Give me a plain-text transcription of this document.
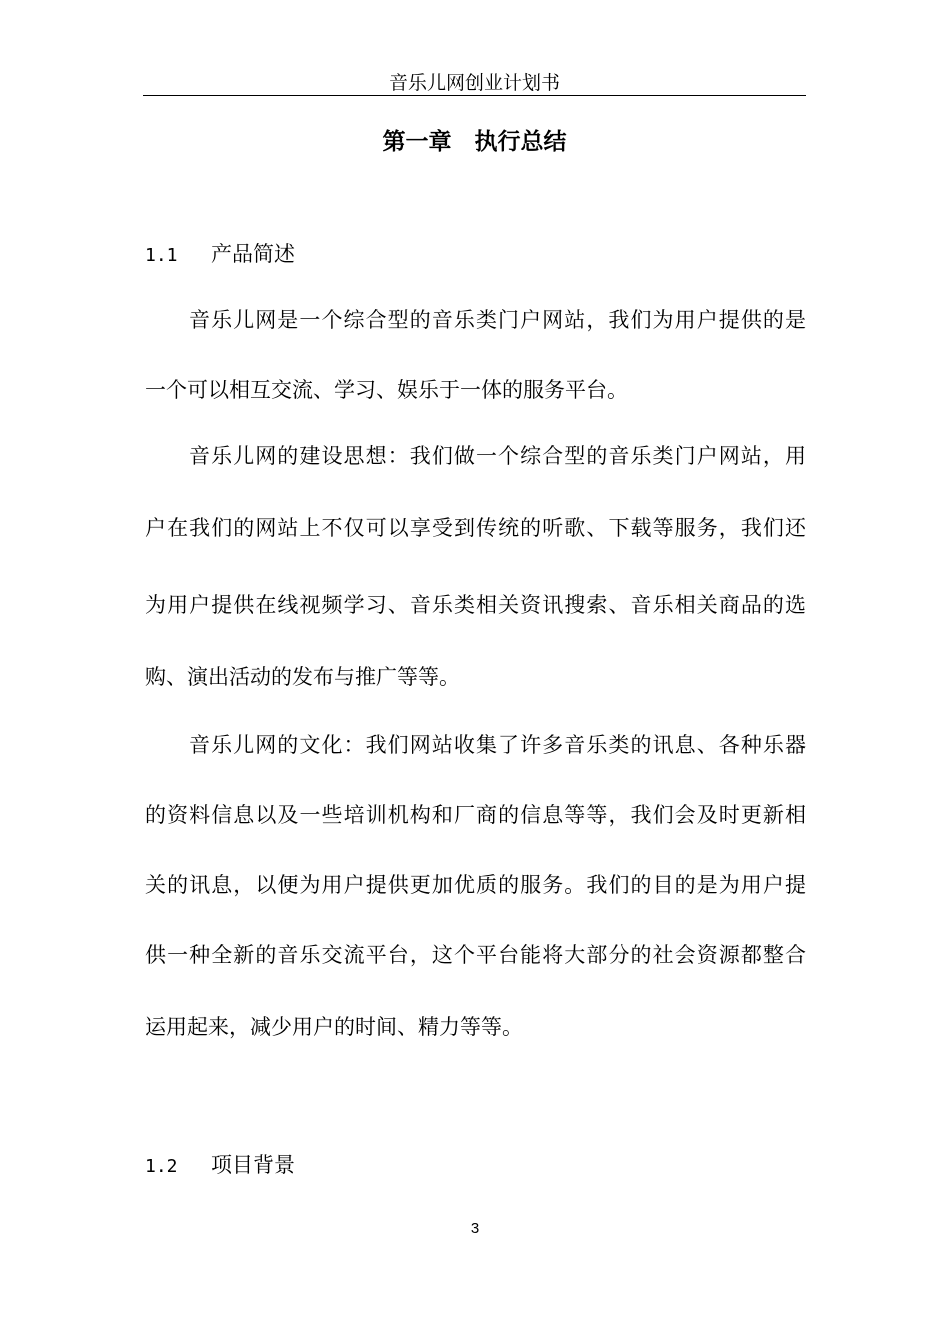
音乐儿网创业计划书
第一章　执行总结
1.1 产品简述
音乐儿网是一个综合型的音乐类门户网站，我们为用户提供的是
一个可以相互交流、学习、娱乐于一体的服务平台。
音乐儿网的建设思想：我们做一个综合型的音乐类门户网站，用
户在我们的网站上不仅可以享受到传统的听歌、下载等服务，我们还
为用户提供在线视频学习、音乐类相关资讯搜索、音乐相关商品的选
购、演出活动的发布与推广等等。
音乐儿网的文化：我们网站收集了许多音乐类的讯息、各种乐器
的资料信息以及一些培训机构和厂商的信息等等，我们会及时更新相
关的讯息，以便为用户提供更加优质的服务。我们的目的是为用户提
供一种全新的音乐交流平台，这个平台能将大部分的社会资源都整合
运用起来，减少用户的时间、精力等等。
1.2 项目背景
3
